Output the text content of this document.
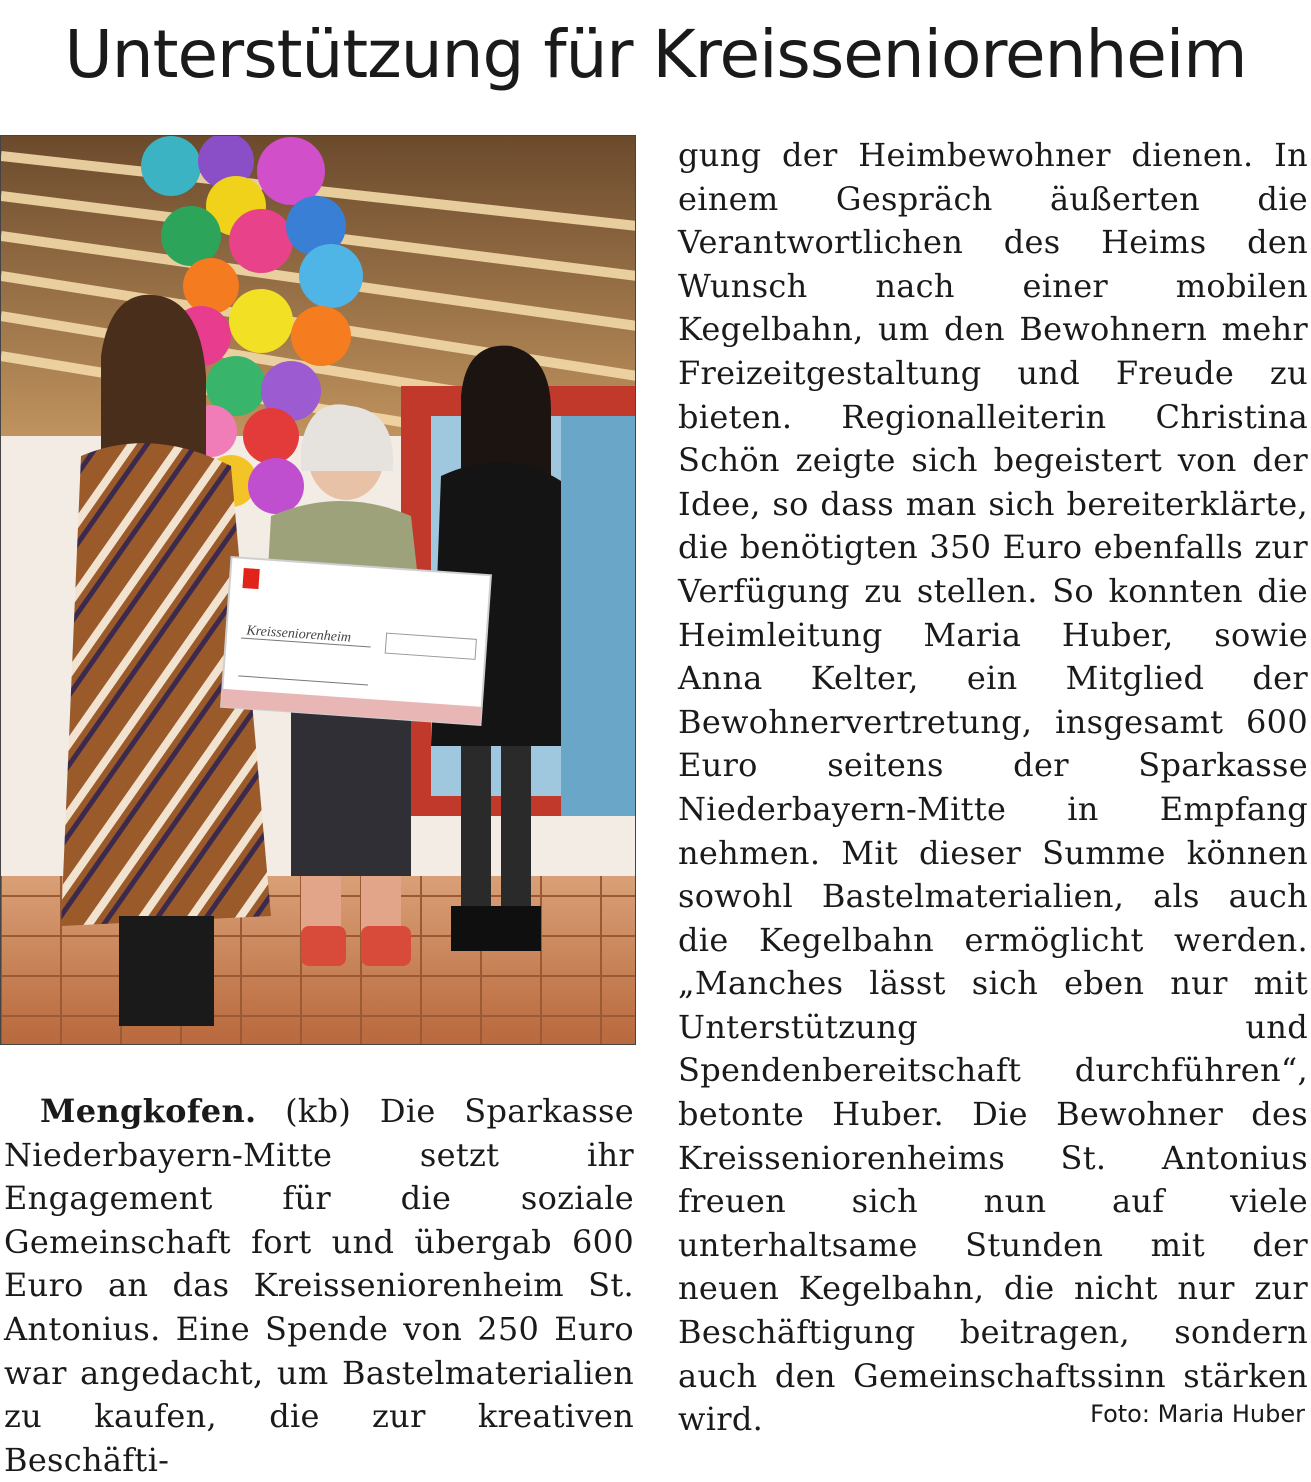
Unterstützung für Kreisseniorenheim
Kreisseniorenheim

Mengkofen. (kb) Die Sparkasse Niederbayern-Mitte setzt ihr Engagement für die soziale Gemeinschaft fort und übergab 600 Euro an das Kreisseniorenheim St. Antonius. Eine Spende von 250 Euro war angedacht, um Bastelmaterialien zu kaufen, die zur kreativen Beschäfti-

gung der Heimbewohner dienen. In einem Gespräch äußerten die Verantwortlichen des Heims den Wunsch nach einer mobilen Kegelbahn, um den Bewohnern mehr Freizeitgestaltung und Freude zu bieten. Regionalleiterin Christina Schön zeigte sich begeistert von der Idee, so dass man sich bereiterklärte, die benötigten 350 Euro ebenfalls zur Verfügung zu stellen. So konnten die Heimleitung Maria Huber, sowie Anna Kelter, ein Mitglied der Bewohnervertretung, insgesamt 600 Euro seitens der Sparkasse Niederbayern-Mitte in Empfang nehmen. Mit dieser Summe können sowohl Bastelmaterialien, als auch die Kegelbahn ermöglicht werden. „Manches lässt sich eben nur mit Unterstützung und Spendenbereitschaft durchführen“, betonte Huber. Die Bewohner des Kreisseniorenheims St. Antonius freuen sich nun auf viele unterhaltsame Stunden mit der neuen Kegelbahn, die nicht nur zur Beschäftigung beitragen, sondern auch den Gemeinschaftssinn stärken wird.	Foto: Maria Huber
